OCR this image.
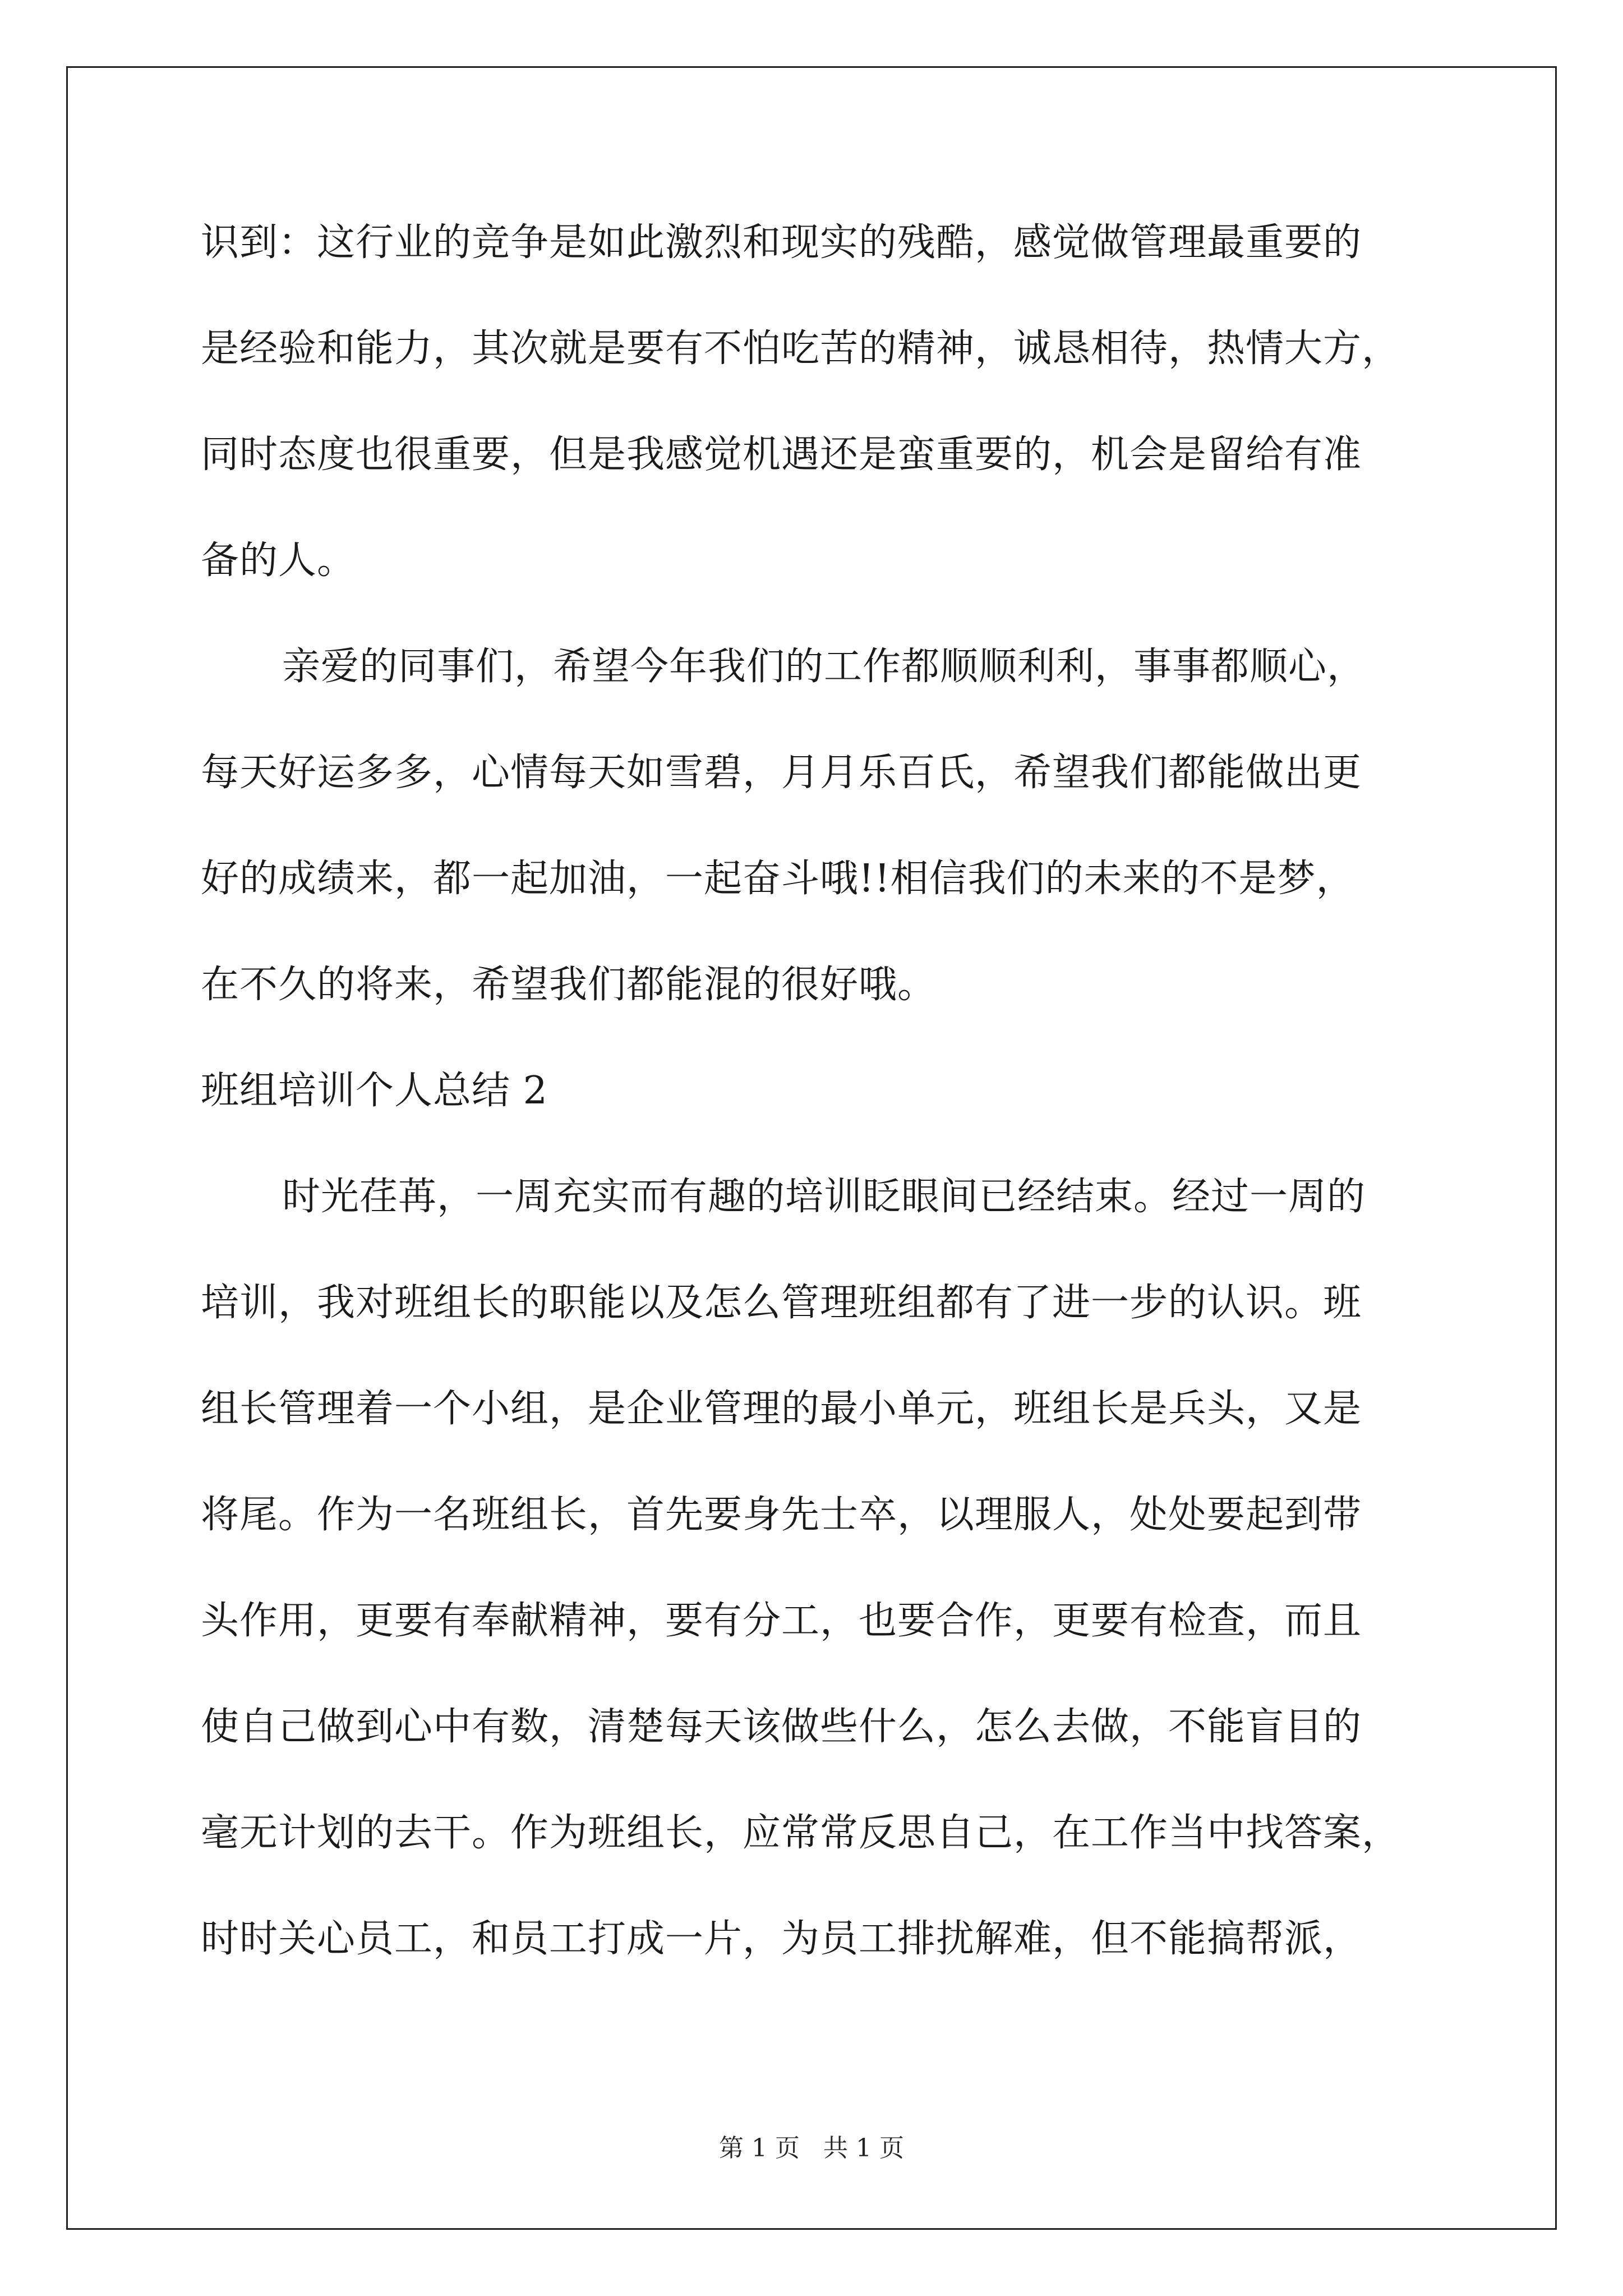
识到：这行业的竞争是如此激烈和现实的残酷，感觉做管理最重要的
是经验和能力，其次就是要有不怕吃苦的精神，诚恳相待，热情大方，
同时态度也很重要，但是我感觉机遇还是蛮重要的，机会是留给有准
备的人。
亲爱的同事们，希望今年我们的工作都顺顺利利，事事都顺心，
每天好运多多，心情每天如雪碧，月月乐百氏，希望我们都能做出更
好的成绩来，都一起加油，一起奋斗哦!!相信我们的未来的不是梦，
在不久的将来，希望我们都能混的很好哦。
班组培训个人总结 2
时光荏苒，一周充实而有趣的培训眨眼间已经结束。经过一周的
培训，我对班组长的职能以及怎么管理班组都有了进一步的认识。班
组长管理着一个小组，是企业管理的最小单元，班组长是兵头，又是
将尾。作为一名班组长，首先要身先士卒，以理服人，处处要起到带
头作用，更要有奉献精神，要有分工，也要合作，更要有检查，而且
使自己做到心中有数，清楚每天该做些什么，怎么去做，不能盲目的
毫无计划的去干。作为班组长，应常常反思自己，在工作当中找答案，
时时关心员工，和员工打成一片，为员工排扰解难，但不能搞帮派，
第 1 页   共 1 页
